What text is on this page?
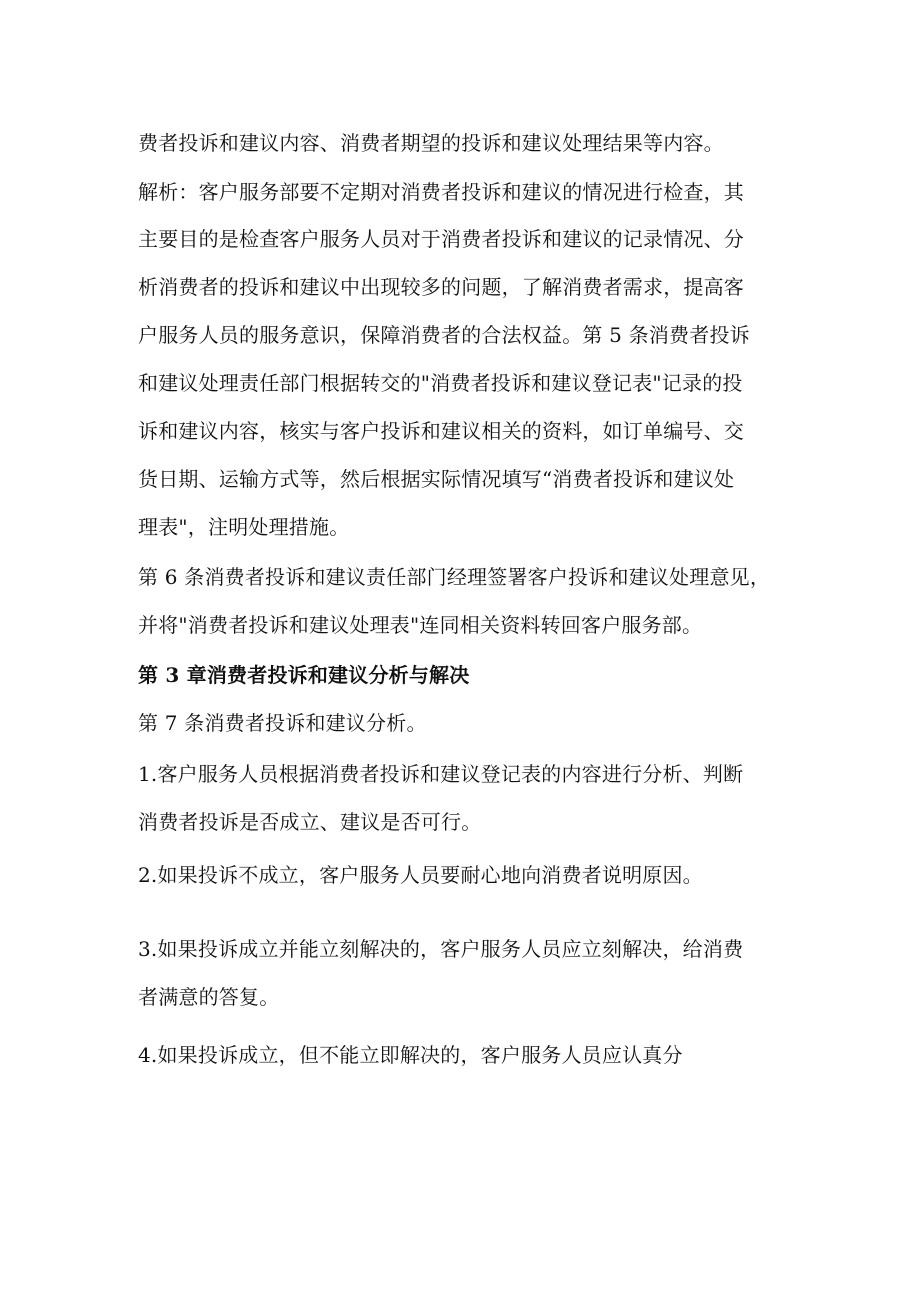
费者投诉和建议内容、消费者期望的投诉和建议处理结果等内容。
解析：客户服务部要不定期对消费者投诉和建议的情况进行检查，其
主要目的是检查客户服务人员对于消费者投诉和建议的记录情况、分
析消费者的投诉和建议中出现较多的问题，了解消费者需求，提高客
户服务人员的服务意识，保障消费者的合法权益。第 5 条消费者投诉
和建议处理责任部门根据转交的"消费者投诉和建议登记表"记录的投
诉和建议内容，核实与客户投诉和建议相关的资料，如订单编号、交
货日期、运输方式等，然后根据实际情况填写“消费者投诉和建议处
理表"，注明处理措施。
第 6 条消费者投诉和建议责任部门经理签署客户投诉和建议处理意见，
并将"消费者投诉和建议处理表"连同相关资料转回客户服务部。
第 3 章消费者投诉和建议分析与解决
第 7 条消费者投诉和建议分析。
1.客户服务人员根据消费者投诉和建议登记表的内容进行分析、判断
消费者投诉是否成立、建议是否可行。
2.如果投诉不成立，客户服务人员要耐心地向消费者说明原因。
3.如果投诉成立并能立刻解决的，客户服务人员应立刻解决，给消费
者满意的答复。
4.如果投诉成立，但不能立即解决的，客户服务人员应认真分
